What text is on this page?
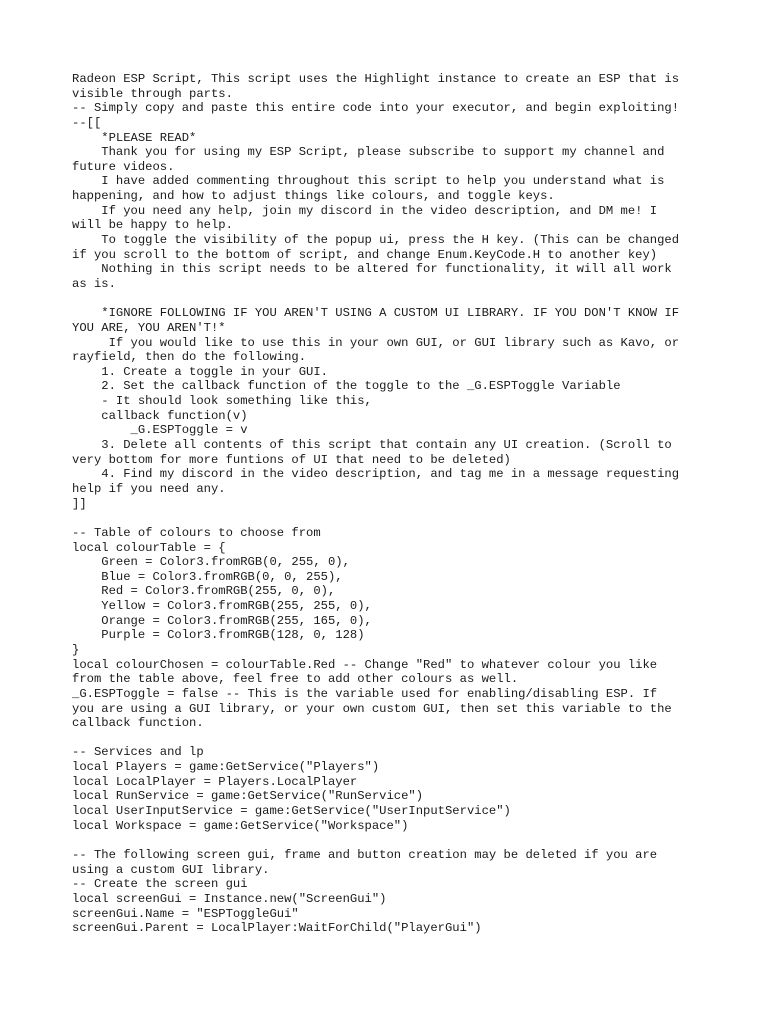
Radeon ESP Script, This script uses the Highlight instance to create an ESP that is
visible through parts.
-- Simply copy and paste this entire code into your executor, and begin exploiting!
--[[
*PLEASE READ*
Thank you for using my ESP Script, please subscribe to support my channel and
future videos.
I have added commenting throughout this script to help you understand what is
happening, and how to adjust things like colours, and toggle keys.
If you need any help, join my discord in the video description, and DM me! I
will be happy to help.
To toggle the visibility of the popup ui, press the H key. (This can be changed
if you scroll to the bottom of script, and change Enum.KeyCode.H to another key)
Nothing in this script needs to be altered for functionality, it will all work
as is.
*IGNORE FOLLOWING IF YOU AREN'T USING A CUSTOM UI LIBRARY. IF YOU DON'T KNOW IF
YOU ARE, YOU AREN'T!*
If you would like to use this in your own GUI, or GUI library such as Kavo, or
rayfield, then do the following.
1. Create a toggle in your GUI.
2. Set the callback function of the toggle to the _G.ESPToggle Variable
- It should look something like this,
callback function(v)
_G.ESPToggle = v
3. Delete all contents of this script that contain any UI creation. (Scroll to
very bottom for more funtions of UI that need to be deleted)
4. Find my discord in the video description, and tag me in a message requesting
help if you need any.
]]
-- Table of colours to choose from
local colourTable = {
Green = Color3.fromRGB(0, 255, 0),
Blue = Color3.fromRGB(0, 0, 255),
Red = Color3.fromRGB(255, 0, 0),
Yellow = Color3.fromRGB(255, 255, 0),
Orange = Color3.fromRGB(255, 165, 0),
Purple = Color3.fromRGB(128, 0, 128)
}
local colourChosen = colourTable.Red -- Change "Red" to whatever colour you like
from the table above, feel free to add other colours as well.
_G.ESPToggle = false -- This is the variable used for enabling/disabling ESP. If
you are using a GUI library, or your own custom GUI, then set this variable to the
callback function.
-- Services and lp
local Players = game:GetService("Players")
local LocalPlayer = Players.LocalPlayer
local RunService = game:GetService("RunService")
local UserInputService = game:GetService("UserInputService")
local Workspace = game:GetService("Workspace")
-- The following screen gui, frame and button creation may be deleted if you are
using a custom GUI library.
-- Create the screen gui
local screenGui = Instance.new("ScreenGui")
screenGui.Name = "ESPToggleGui"
screenGui.Parent = LocalPlayer:WaitForChild("PlayerGui")
